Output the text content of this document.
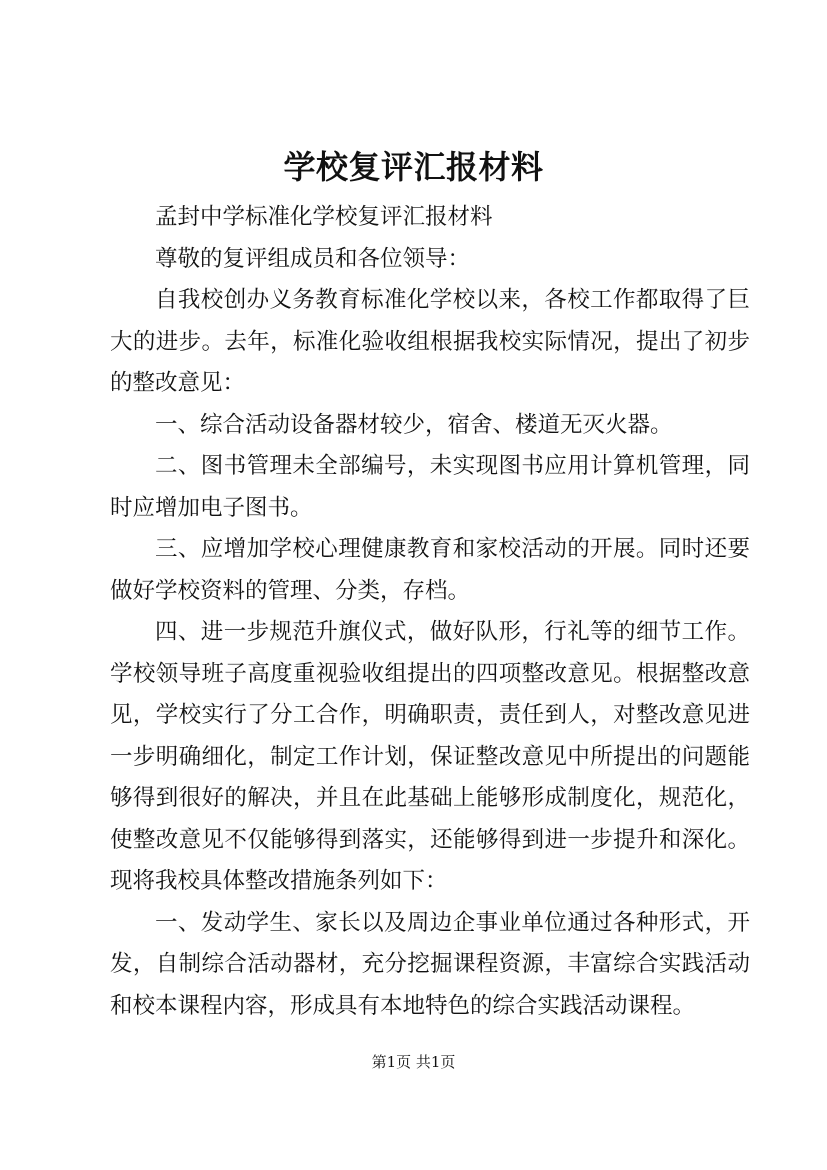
学校复评汇报材料

孟封中学标准化学校复评汇报材料

尊敬的复评组成员和各位领导：

自我校创办义务教育标准化学校以来，各校工作都取得了巨大的进步。去年，标准化验收组根据我校实际情况，提出了初步的整改意见：

一、综合活动设备器材较少，宿舍、楼道无灭火器。

二、图书管理未全部编号，未实现图书应用计算机管理，同时应增加电子图书。

三、应增加学校心理健康教育和家校活动的开展。同时还要做好学校资料的管理、分类，存档。

四、进一步规范升旗仪式，做好队形，行礼等的细节工作。学校领导班子高度重视验收组提出的四项整改意见。根据整改意见，学校实行了分工合作，明确职责，责任到人，对整改意见进一步明确细化，制定工作计划，保证整改意见中所提出的问题能够得到很好的解决，并且在此基础上能够形成制度化，规范化，使整改意见不仅能够得到落实，还能够得到进一步提升和深化。现将我校具体整改措施条列如下：

一、发动学生、家长以及周边企事业单位通过各种形式，开发，自制综合活动器材，充分挖掘课程资源，丰富综合实践活动和校本课程内容，形成具有本地特色的综合实践活动课程。

第1页 共1页
